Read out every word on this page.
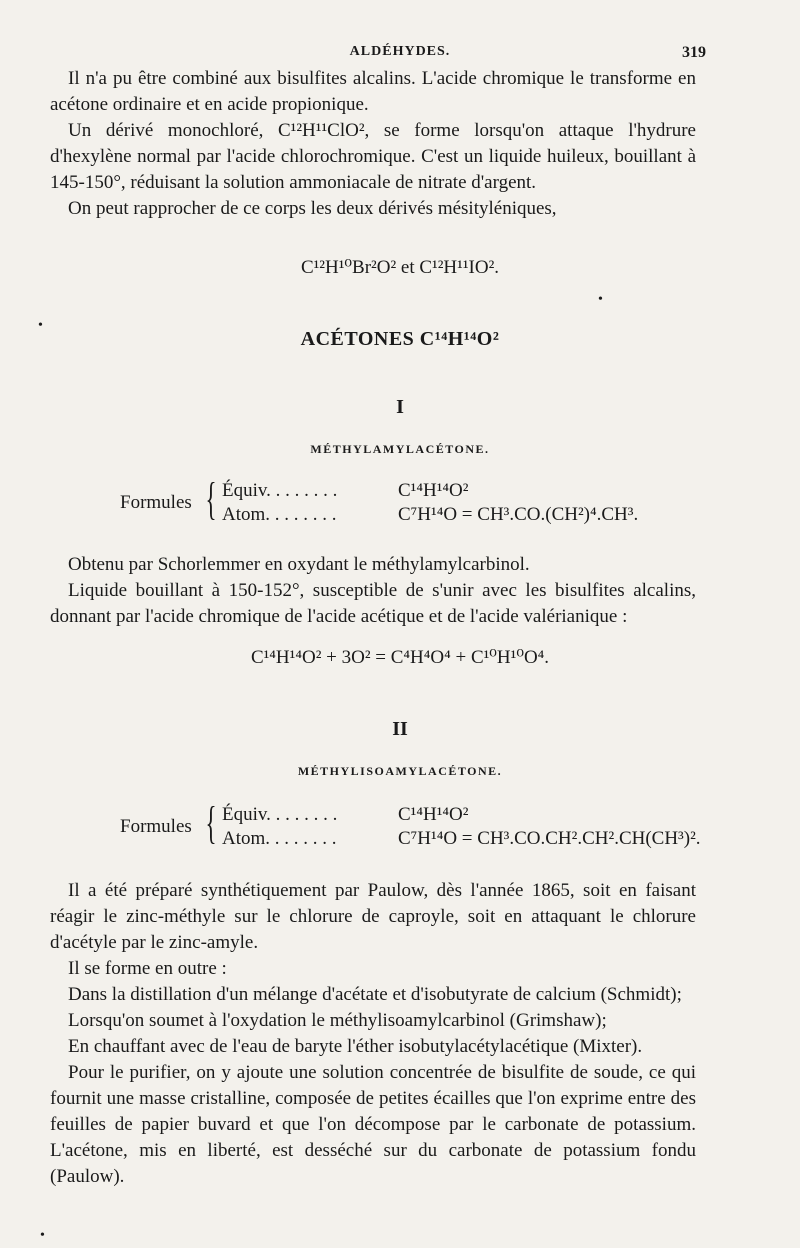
ALDÉHYDES.	319

Il n'a pu être combiné aux bisulfites alcalins. L'acide chromique le transforme en acétone ordinaire et en acide propionique.

Un dérivé monochloré, C¹²H¹¹ClO², se forme lorsqu'on attaque l'hydrure d'hexylène normal par l'acide chlorochromique. C'est un liquide huileux, bouillant à 145-150°, réduisant la solution ammoniacale de nitrate d'argent.

On peut rapprocher de ce corps les deux dérivés mésityléniques,

C¹²H¹⁰Br²O² et C¹²H¹¹IO².
•
•
ACÉTONES C¹⁴H¹⁴O²
I
MÉTHYLAMYLACÉTONE.
Formules { Équiv. . . . . . . .	C¹⁴H¹⁴O²
Atom. . . . . . . .	C⁷H¹⁴O = CH³.CO.(CH²)⁴.CH³.

Obtenu par Schorlemmer en oxydant le méthylamylcarbinol.

Liquide bouillant à 150-152°, susceptible de s'unir avec les bisulfites alcalins, donnant par l'acide chromique de l'acide acétique et de l'acide valérianique :

C¹⁴H¹⁴O² + 3O² = C⁴H⁴O⁴ + C¹⁰H¹⁰O⁴.
II
MÉTHYLISOAMYLACÉTONE.
Formules { Équiv. . . . . . . .	C¹⁴H¹⁴O²
Atom. . . . . . . .	C⁷H¹⁴O = CH³.CO.CH².CH².CH(CH³)².

Il a été préparé synthétiquement par Paulow, dès l'année 1865, soit en faisant réagir le zinc-méthyle sur le chlorure de caproyle, soit en attaquant le chlorure d'acétyle par le zinc-amyle.

Il se forme en outre :

Dans la distillation d'un mélange d'acétate et d'isobutyrate de calcium (Schmidt);

Lorsqu'on soumet à l'oxydation le méthylisoamylcarbinol (Grimshaw);

En chauffant avec de l'eau de baryte l'éther isobutylacétylacétique (Mixter).

Pour le purifier, on y ajoute une solution concentrée de bisulfite de soude, ce qui fournit une masse cristalline, composée de petites écailles que l'on exprime entre des feuilles de papier buvard et que l'on décompose par le carbonate de potassium. L'acétone, mis en liberté, est desséché sur du carbonate de potassium fondu (Paulow).

•
